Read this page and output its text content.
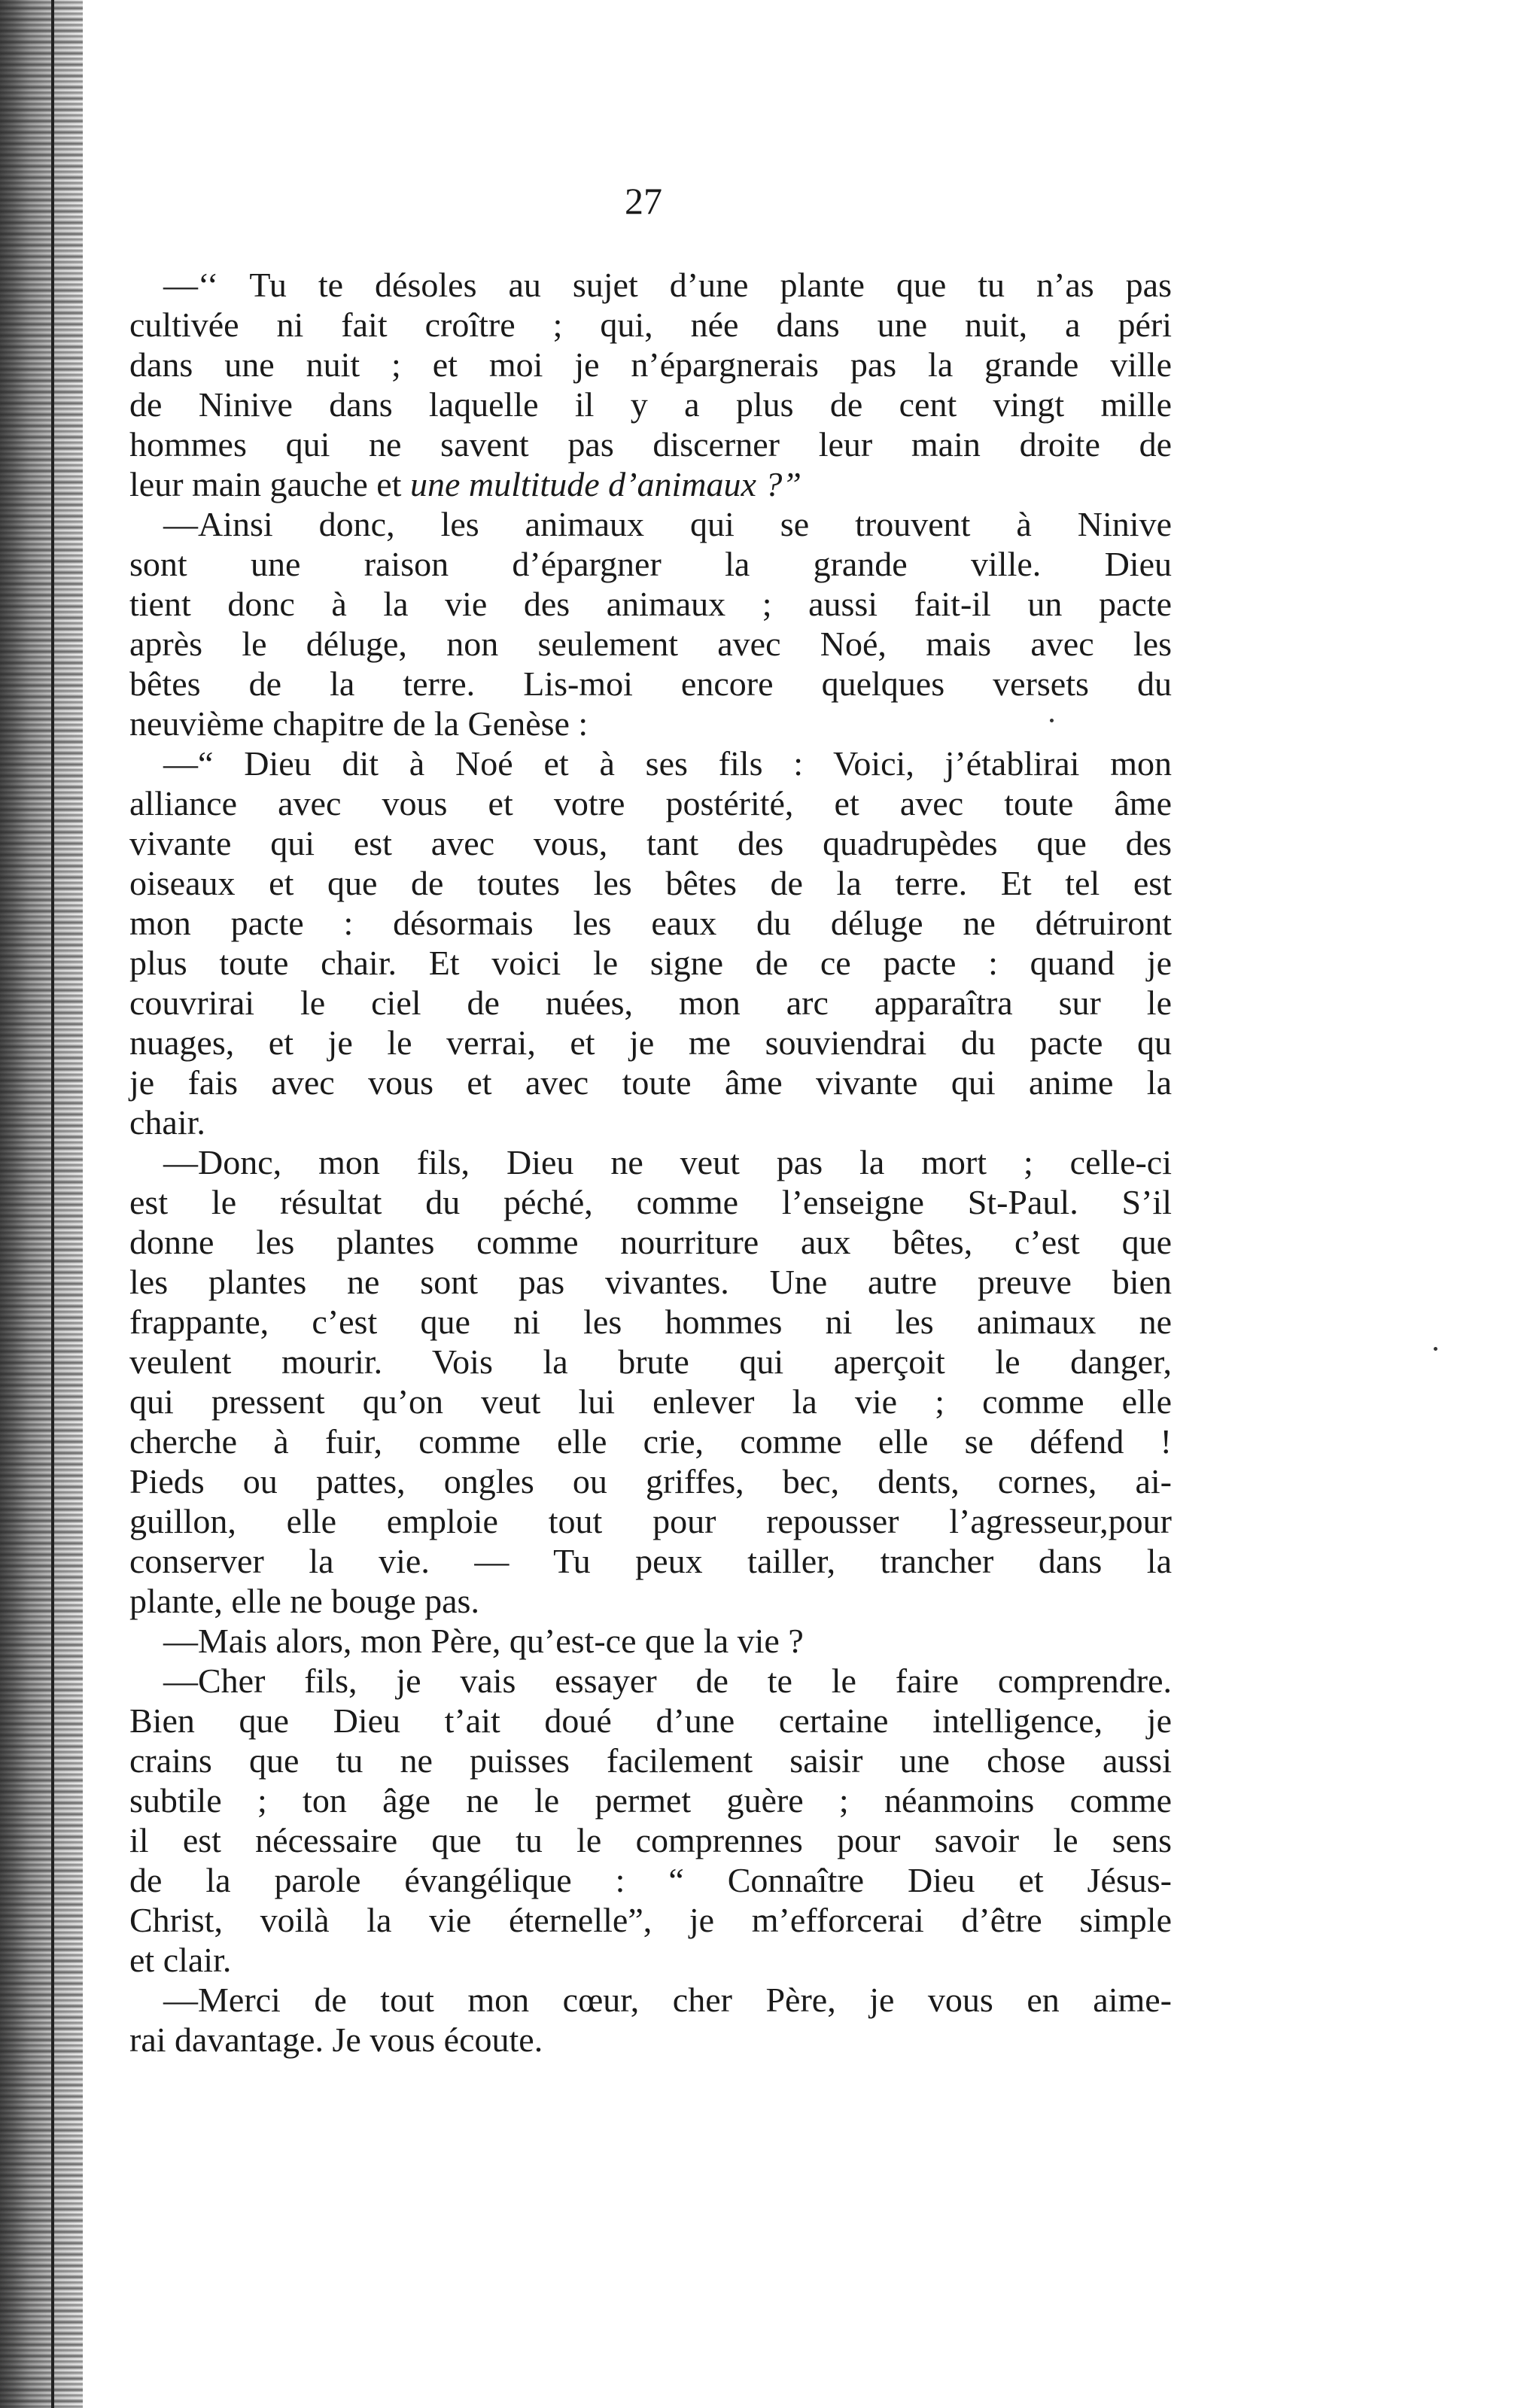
27
—‘‘ Tu te désoles au sujet d’une plante que tu n’as pas
cultivée ni fait croître ; qui, née dans une nuit, a péri
dans une nuit ; et moi je n’épargnerais pas la grande ville
de Ninive dans laquelle il y a plus de cent vingt mille
hommes qui ne savent pas discerner leur main droite de
leur main gauche et une multitude d’animaux ?”
—Ainsi donc, les animaux qui se trouvent à Ninive
sont une raison d’épargner la grande ville. Dieu
tient donc à la vie des animaux ; aussi fait-il un pacte
après le déluge, non seulement avec Noé, mais avec les
bêtes de la terre. Lis-moi encore quelques versets du
neuvième chapitre de la Genèse :
—“ Dieu dit à Noé et à ses fils : Voici, j’établirai mon
alliance avec vous et votre postérité, et avec toute âme
vivante qui est avec vous, tant des quadrupèdes que des
oiseaux et que de toutes les bêtes de la terre. Et tel est
mon pacte : désormais les eaux du déluge ne détruiront
plus toute chair. Et voici le signe de ce pacte : quand je
couvrirai le ciel de nuées, mon arc apparaîtra sur le
nuages, et je le verrai, et je me souviendrai du pacte qu
je fais avec vous et avec toute âme vivante qui anime la
chair.
—Donc, mon fils, Dieu ne veut pas la mort ; celle-ci
est le résultat du péché, comme l’enseigne St-Paul. S’il
donne les plantes comme nourriture aux bêtes, c’est que
les plantes ne sont pas vivantes. Une autre preuve bien
frappante, c’est que ni les hommes ni les animaux ne
veulent mourir. Vois la brute qui aperçoit le danger,
qui pressent qu’on veut lui enlever la vie ; comme elle
cherche à fuir, comme elle crie, comme elle se défend !
Pieds ou pattes, ongles ou griffes, bec, dents, cornes, ai-
guillon, elle emploie tout pour repousser l’agresseur,pour
conserver la vie. — Tu peux tailler, trancher dans la
plante, elle ne bouge pas.
—Mais alors, mon Père, qu’est-ce que la vie ?
—Cher fils, je vais essayer de te le faire comprendre.
Bien que Dieu t’ait doué d’une certaine intelligence, je
crains que tu ne puisses facilement saisir une chose aussi
subtile ; ton âge ne le permet guère ; néanmoins comme
il est nécessaire que tu le comprennes pour savoir le sens
de la parole évangélique : “ Connaître Dieu et Jésus-
Christ, voilà la vie éternelle”, je m’efforcerai d’être simple
et clair.
—Merci de tout mon cœur, cher Père, je vous en aime-
rai davantage. Je vous écoute.
